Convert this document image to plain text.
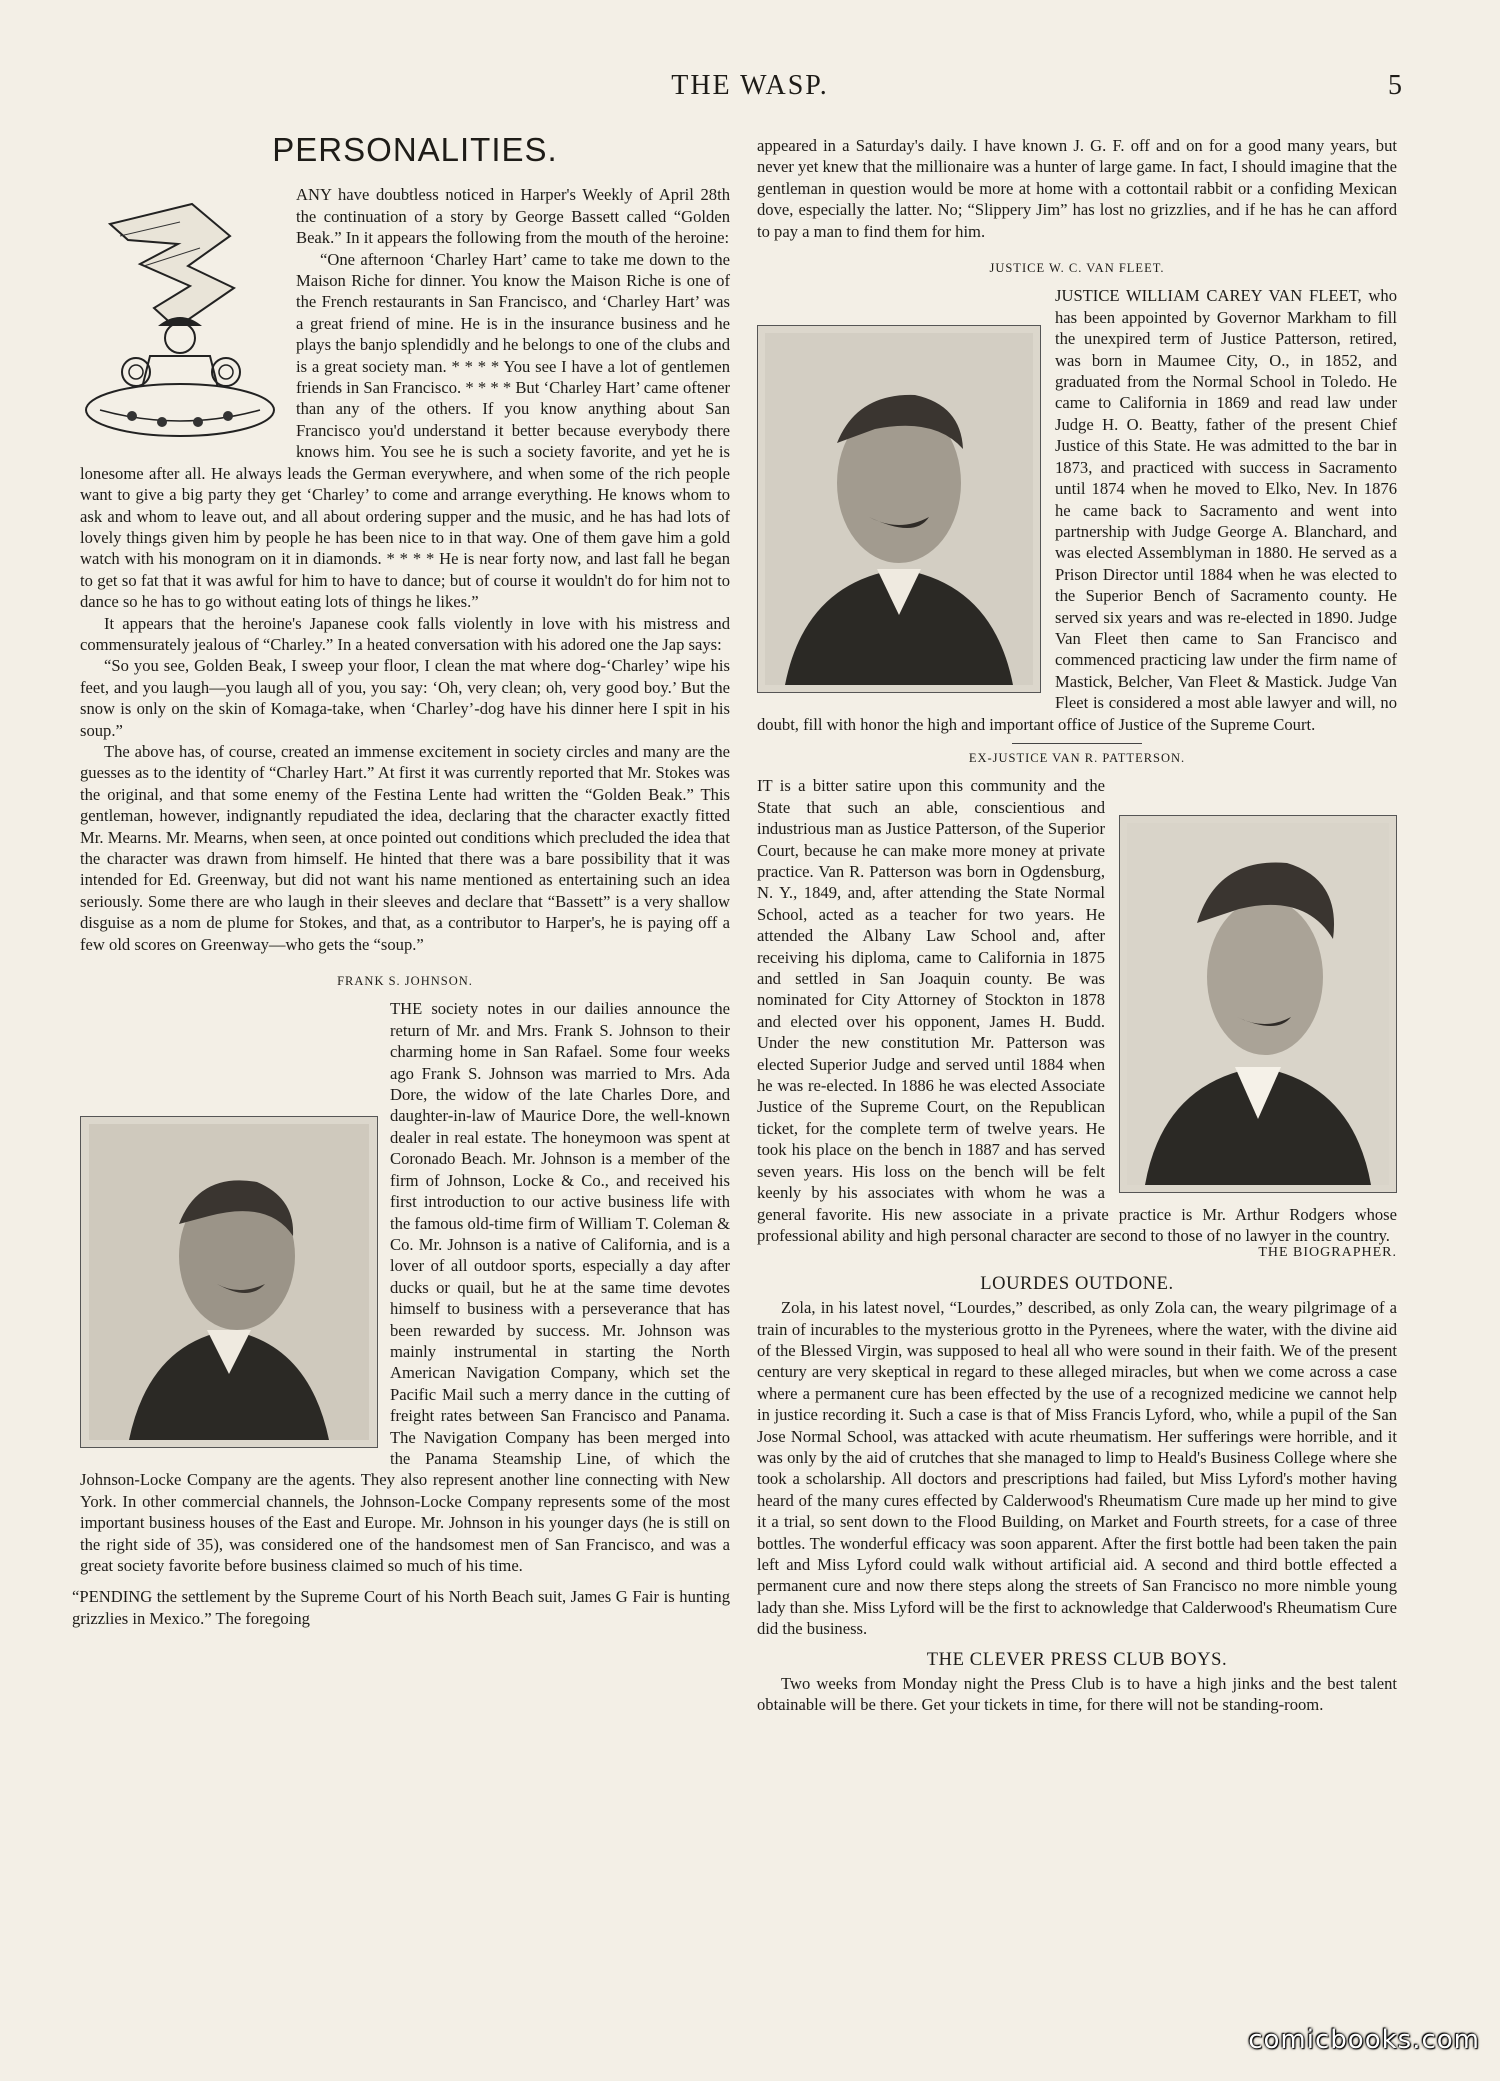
THE WASP.	5
PERSONALITIES.

ANY have doubtless noticed in Harper's Weekly of April 28th the continuation of a story by George Bassett called “Golden Beak.” In it appears the following from the mouth of the heroine:

“One afternoon ‘Charley Hart’ came to take me down to the Maison Riche for dinner. You know the Maison Riche is one of the French restaurants in San Francisco, and ‘Charley Hart’ was a great friend of mine. He is in the insurance business and he plays the banjo splendidly and he belongs to one of the clubs and is a great society man. * * * * You see I have a lot of gentlemen friends in San Francisco. * * * * But ‘Charley Hart’ came oftener than any of the others. If you know anything about San Francisco you'd understand it better because everybody there knows him. You see he is such a society favorite, and yet he is lonesome after all. He always leads the German everywhere, and when some of the rich people want to give a big party they get ‘Charley’ to come and arrange everything. He knows whom to ask and whom to leave out, and all about ordering supper and the music, and he has had lots of lovely things given him by people he has been nice to in that way. One of them gave him a gold watch with his monogram on it in diamonds. * * * * He is near forty now, and last fall he began to get so fat that it was awful for him to have to dance; but of course it wouldn't do for him not to dance so he has to go without eating lots of things he likes.”

It appears that the heroine's Japanese cook falls violently in love with his mistress and commensurately jealous of “Charley.” In a heated conversation with his adored one the Jap says:

“So you see, Golden Beak, I sweep your floor, I clean the mat where dog-‘Charley’ wipe his feet, and you laugh—you laugh all of you, you say: ‘Oh, very clean; oh, very good boy.’ But the snow is only on the skin of Komaga-take, when ‘Charley’-dog have his dinner here I spit in his soup.”

The above has, of course, created an immense excitement in society circles and many are the guesses as to the identity of “Charley Hart.” At first it was currently reported that Mr. Stokes was the original, and that some enemy of the Festina Lente had written the “Golden Beak.” This gentleman, however, indignantly repudiated the idea, declaring that the character exactly fitted Mr. Mearns. Mr. Mearns, when seen, at once pointed out conditions which precluded the idea that the character was drawn from himself. He hinted that there was a bare possibility that it was intended for Ed. Greenway, but did not want his name mentioned as entertaining such an idea seriously. Some there are who laugh in their sleeves and declare that “Bassett” is a very shallow disguise as a nom de plume for Stokes, and that, as a contributor to Harper's, he is paying off a few old scores on Greenway—who gets the “soup.”

FRANK S. JOHNSON.

THE society notes in our dailies announce the return of Mr. and Mrs. Frank S. Johnson to their charming home in San Rafael. Some four weeks ago Frank S. Johnson was married to Mrs. Ada Dore, the widow of the late Charles Dore, and daughter-in-law of Maurice Dore, the well-known dealer in real estate. The honeymoon was spent at Coronado Beach. Mr. Johnson is a member of the firm of Johnson, Locke & Co., and received his first introduction to our active business life with the famous old-time firm of William T. Coleman & Co. Mr. Johnson is a native of California, and is a lover of all outdoor sports, especially a day after ducks or quail, but he at the same time devotes himself to business with a perseverance that has been rewarded by success. Mr. Johnson was mainly instrumental in starting the North American Navigation Company, which set the Pacific Mail such a merry dance in the cutting of freight rates between San Francisco and Panama. The Navigation Company has been merged into the Panama Steamship Line, of which the Johnson-Locke Company are the agents. They also represent another line connecting with New York. In other commercial channels, the Johnson-Locke Company represents some of the most important business houses of the East and Europe. Mr. Johnson in his younger days (he is still on the right side of 35), was considered one of the handsomest men of San Francisco, and was a great society favorite before business claimed so much of his time.

“PENDING the settlement by the Supreme Court of his North Beach suit, James G Fair is hunting grizzlies in Mexico.” The foregoing

appeared in a Saturday's daily. I have known J. G. F. off and on for a good many years, but never yet knew that the millionaire was a hunter of large game. In fact, I should imagine that the gentleman in question would be more at home with a cottontail rabbit or a confiding Mexican dove, especially the latter. No; “Slippery Jim” has lost no grizzlies, and if he has he can afford to pay a man to find them for him.

JUSTICE W. C. VAN FLEET.

JUSTICE WILLIAM CAREY VAN FLEET, who has been appointed by Governor Markham to fill the unexpired term of Justice Patterson, retired, was born in Maumee City, O., in 1852, and graduated from the Normal School in Toledo. He came to California in 1869 and read law under Judge H. O. Beatty, father of the present Chief Justice of this State. He was admitted to the bar in 1873, and practiced with success in Sacramento until 1874 when he moved to Elko, Nev. In 1876 he came back to Sacramento and went into partnership with Judge George A. Blanchard, and was elected Assemblyman in 1880. He served as a Prison Director until 1884 when he was elected to the Superior Bench of Sacramento county. He served six years and was re-elected in 1890. Judge Van Fleet then came to San Francisco and commenced practicing law under the firm name of Mastick, Belcher, Van Fleet & Mastick. Judge Van Fleet is considered a most able lawyer and will, no doubt, fill with honor the high and important office of Justice of the Supreme Court.

EX-JUSTICE VAN R. PATTERSON.

IT is a bitter satire upon this community and the State that such an able, conscientious and industrious man as Justice Patterson, of the Superior Court, because he can make more money at private practice. Van R. Patterson was born in Ogdensburg, N. Y., 1849, and, after attending the State Normal School, acted as a teacher for two years. He attended the Albany Law School and, after receiving his diploma, came to California in 1875 and settled in San Joaquin county. Be was nominated for City Attorney of Stockton in 1878 and elected over his opponent, James H. Budd. Under the new constitution Mr. Patterson was elected Superior Judge and served until 1884 when he was re-elected. In 1886 he was elected Associate Justice of the Supreme Court, on the Republican ticket, for the complete term of twelve years. He took his place on the bench in 1887 and has served seven years. His loss on the bench will be felt keenly by his associates with whom he was a general favorite. His new associate in a private practice is Mr. Arthur Rodgers whose professional ability and high personal character are second to those of no lawyer in the country.

THE BIOGRAPHER.
LOURDES OUTDONE.

Zola, in his latest novel, “Lourdes,” described, as only Zola can, the weary pilgrimage of a train of incurables to the mysterious grotto in the Pyrenees, where the water, with the divine aid of the Blessed Virgin, was supposed to heal all who were sound in their faith. We of the present century are very skeptical in regard to these alleged miracles, but when we come across a case where a permanent cure has been effected by the use of a recognized medicine we cannot help in justice recording it. Such a case is that of Miss Francis Lyford, who, while a pupil of the San Jose Normal School, was attacked with acute rheumatism. Her sufferings were horrible, and it was only by the aid of crutches that she managed to limp to Heald's Business College where she took a scholarship. All doctors and prescriptions had failed, but Miss Lyford's mother having heard of the many cures effected by Calderwood's Rheumatism Cure made up her mind to give it a trial, so sent down to the Flood Building, on Market and Fourth streets, for a case of three bottles. The wonderful efficacy was soon apparent. After the first bottle had been taken the pain left and Miss Lyford could walk without artificial aid. A second and third bottle effected a permanent cure and now there steps along the streets of San Francisco no more nimble young lady than she. Miss Lyford will be the first to acknowledge that Calderwood's Rheumatism Cure did the business.

THE CLEVER PRESS CLUB BOYS.

Two weeks from Monday night the Press Club is to have a high jinks and the best talent obtainable will be there. Get your tickets in time, for there will not be standing-room.

comicbooks.com
